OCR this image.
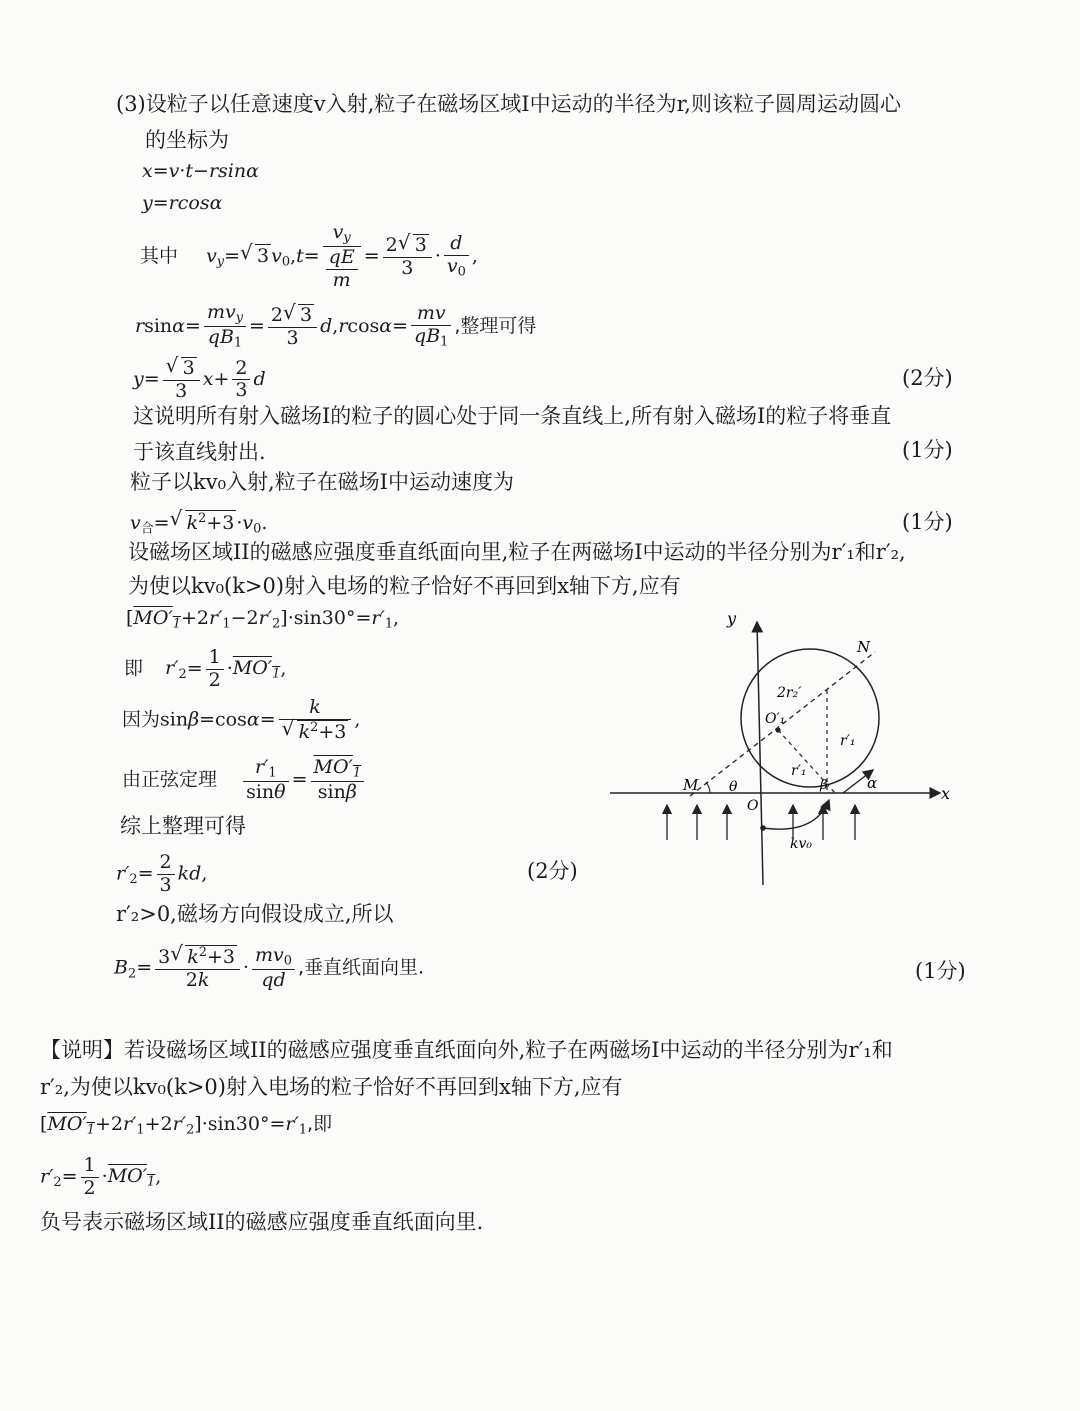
(3)设粒子以任意速度v入射,粒子在磁场区域I中运动的半径为r,则该粒子圆周运动圆心
的坐标为
x=v·t−rsinα
y=rcosα
其中 $v_y=$ √ 3 $v_0,t= \frac{v_y}{\frac{qE}{m}} = \frac{2 √ 3}{3} \cdot \frac{d}{v_0}$ ,
$rsin\alpha= \frac{mv_y}{qB_1} = \frac{2 √ 3}{3} d,rcos\alpha= \frac{mv}{qB_1}$ ,整理可得
$y= \frac{√ 3}{3} x+ \frac{2}{3}$ d	(2分)
这说明所有射入磁场I的粒子的圆心处于同一条直线上,所有射入磁场I的粒子将垂直
于该直线射出.	(1分)
粒子以kv₀入射,粒子在磁场I中运动速度为
$v_合=$ √ $k^2+3 \cdot v_0$.	(1分)
设磁场区域II的磁感应强度垂直纸面向里,粒子在两磁场I中运动的半径分别为r′₁和r′₂,
为使以kv₀(k>0)射入电场的粒子恰好不再回到x轴下方,应有
$[MO'_1+2r'_1-2r'_2]\cdot\sin 30^\circ=r'_1$,
即 $r'_2= \frac{1}{2} \cdot MO'_1$,
因为$\sin\beta=\cos\alpha= \frac{k}{√ k^2+3}$ ,
由正弦定理 $\frac{r'_1}{\sin\theta} = \frac{MO'_1}{\sin\beta}$
综上整理可得
$r'_2= \frac{2}{3}$ kd,	(2分)
r′₂>0,磁场方向假设成立,所以
$B_2= \frac{3 √ k^2+3}{2k} \cdot \frac{mv_0}{qd}$ ,垂直纸面向里.	(1分)
【说明】若设磁场区域II的磁感应强度垂直纸面向外,粒子在两磁场I中运动的半径分别为r′₁和
r′₂,为使以kv₀(k>0)射入电场的粒子恰好不再回到x轴下方,应有
$[MO'_1+2r'_1+2r'_2]\cdot\sin 30^\circ=r'_1$,即
$r'_2= \frac{1}{2} \cdot MO'_1$,
负号表示磁场区域II的磁感应强度垂直纸面向里.
x
y
N
M
O
O′₁
2r₂′
r′₁
r′₁
θ	β	α
kv₀
